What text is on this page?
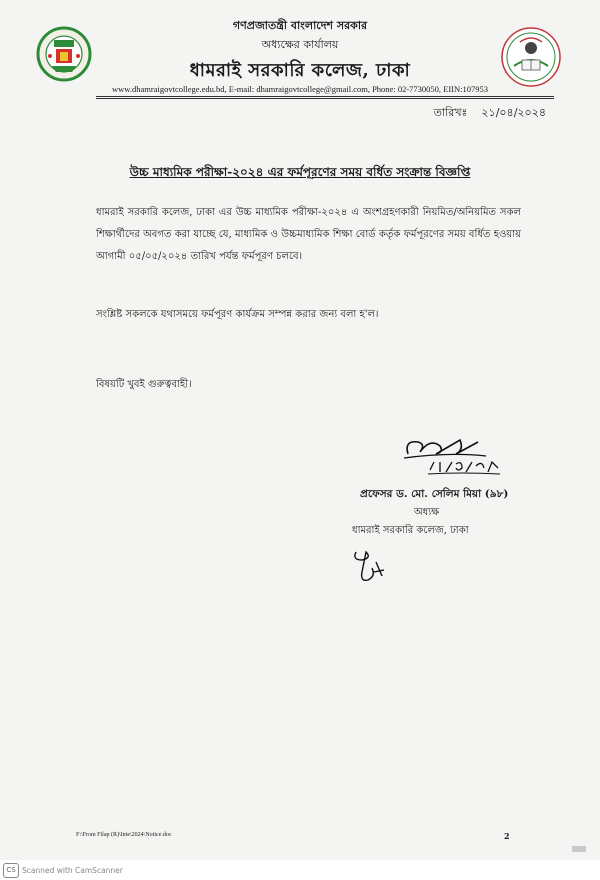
গণপ্রজাতন্ত্রী বাংলাদেশ সরকার
অধ্যক্ষের কার্যালয়
ধামরাই সরকারি কলেজ, ঢাকা
www.dhamraigovtcollege.edu.bd, E-mail: dhamraigovtcollege@gmail.com, Phone: 02-7730050, EIIN:107953
তারিখঃ ২১/০৪/২০২৪
উচ্চ মাধ্যমিক পরীক্ষা-২০২৪ এর ফর্মপূরণের সময় বর্ধিত সংক্রান্ত বিজ্ঞপ্তি
ধামরাই সরকারি কলেজ, ঢাকা এর উচ্চ মাধ্যমিক পরীক্ষা-২০২৪ এ অংশগ্রহণকারী নিয়মিত/অনিয়মিত সকল শিক্ষার্থীদের অবগত করা যাচ্ছে যে, মাধ্যমিক ও উচ্চমাধ্যমিক শিক্ষা বোর্ড কর্তৃক ফর্মপূরণের সময় বর্ধিত হওয়ায় আগামী ০৫/০৫/২০২৪ তারিখ পর্যন্ত ফর্মপূরণ চলবে।
সংশ্লিষ্ট সকলকে যথাসময়ে ফর্মপূরণ কার্যক্রম সম্পন্ন করার জন্য বলা হ'ল।
বিষয়টি খুবই গুরুত্ববাহী।
প্রফেসর ড. মো. সেলিম মিয়া (৯৮)
অধ্যক্ষ
ধামরাই সরকারি কলেজ, ঢাকা
F:\From Filap (R)\Inte\2024\Notice.doc	2
CS Scanned with CamScanner
